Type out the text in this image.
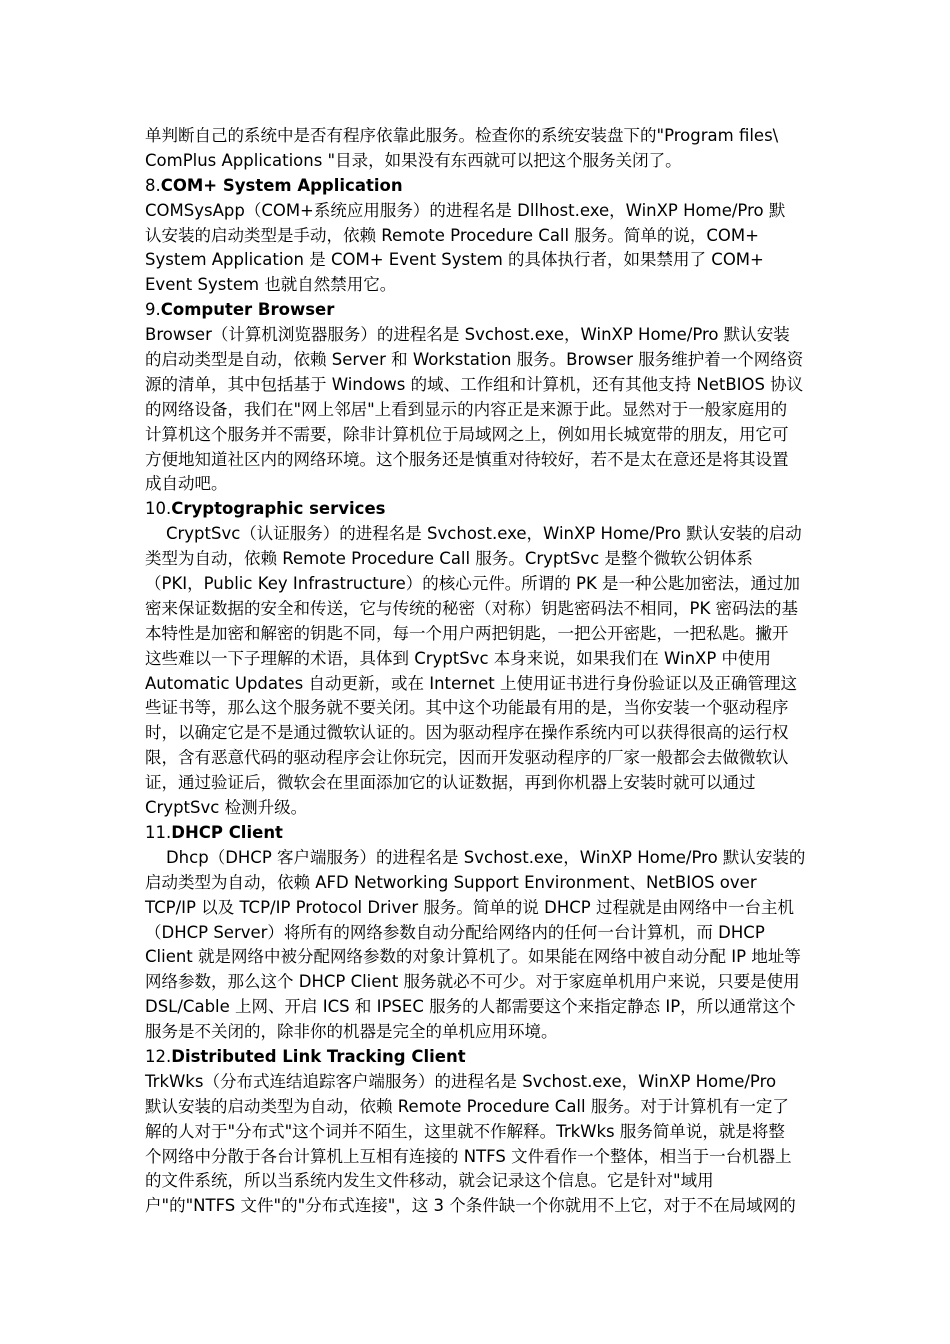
单判断自己的系统中是否有程序依靠此服务。检查你的系统安装盘下的"Program files\
ComPlus Applications "目录，如果没有东西就可以把这个服务关闭了。
8.COM+ System Application
COMSysApp（COM+系统应用服务）的进程名是 Dllhost.exe，WinXP Home/Pro 默
认安装的启动类型是手动，依赖 Remote Procedure Call 服务。简单的说，COM+
System Application 是 COM+ Event System 的具体执行者，如果禁用了 COM+
Event System 也就自然禁用它。
9.Computer Browser
Browser（计算机浏览器服务）的进程名是 Svchost.exe，WinXP Home/Pro 默认安装
的启动类型是自动，依赖 Server 和 Workstation 服务。Browser 服务维护着一个网络资
源的清单，其中包括基于 Windows 的域、工作组和计算机，还有其他支持 NetBIOS 协议
的网络设备，我们在"网上邻居"上看到显示的内容正是来源于此。显然对于一般家庭用的
计算机这个服务并不需要，除非计算机位于局域网之上，例如用长城宽带的朋友，用它可
方便地知道社区内的网络环境。这个服务还是慎重对待较好，若不是太在意还是将其设置
成自动吧。
10.Cryptographic services
CryptSvc（认证服务）的进程名是 Svchost.exe，WinXP Home/Pro 默认安装的启动
类型为自动，依赖 Remote Procedure Call 服务。CryptSvc 是整个微软公钥体系
（PKI，Public Key Infrastructure）的核心元件。所谓的 PK 是一种公匙加密法，通过加
密来保证数据的安全和传送，它与传统的秘密（对称）钥匙密码法不相同，PK 密码法的基
本特性是加密和解密的钥匙不同，每一个用户两把钥匙，一把公开密匙，一把私匙。撇开
这些难以一下子理解的术语，具体到 CryptSvc 本身来说，如果我们在 WinXP 中使用
Automatic Updates 自动更新，或在 Internet 上使用证书进行身份验证以及正确管理这
些证书等，那么这个服务就不要关闭。其中这个功能最有用的是，当你安装一个驱动程序
时，以确定它是不是通过微软认证的。因为驱动程序在操作系统内可以获得很高的运行权
限，含有恶意代码的驱动程序会让你玩完，因而开发驱动程序的厂家一般都会去做微软认
证，通过验证后，微软会在里面添加它的认证数据，再到你机器上安装时就可以通过
CryptSvc 检测升级。
11.DHCP Client
Dhcp（DHCP 客户端服务）的进程名是 Svchost.exe，WinXP Home/Pro 默认安装的
启动类型为自动，依赖 AFD Networking Support Environment、NetBIOS over
TCP/IP 以及 TCP/IP Protocol Driver 服务。简单的说 DHCP 过程就是由网络中一台主机
（DHCP Server）将所有的网络参数自动分配给网络内的任何一台计算机，而 DHCP
Client 就是网络中被分配网络参数的对象计算机了。如果能在网络中被自动分配 IP 地址等
网络参数，那么这个 DHCP Client 服务就必不可少。对于家庭单机用户来说，只要是使用
DSL/Cable 上网、开启 ICS 和 IPSEC 服务的人都需要这个来指定静态 IP，所以通常这个
服务是不关闭的，除非你的机器是完全的单机应用环境。
12.Distributed Link Tracking Client
TrkWks（分布式连结追踪客户端服务）的进程名是 Svchost.exe，WinXP Home/Pro
默认安装的启动类型为自动，依赖 Remote Procedure Call 服务。对于计算机有一定了
解的人对于"分布式"这个词并不陌生，这里就不作解释。TrkWks 服务简单说，就是将整
个网络中分散于各台计算机上互相有连接的 NTFS 文件看作一个整体，相当于一台机器上
的文件系统，所以当系统内发生文件移动，就会记录这个信息。它是针对"域用
户"的"NTFS 文件"的"分布式连接"，这 3 个条件缺一个你就用不上它，对于不在局域网的
